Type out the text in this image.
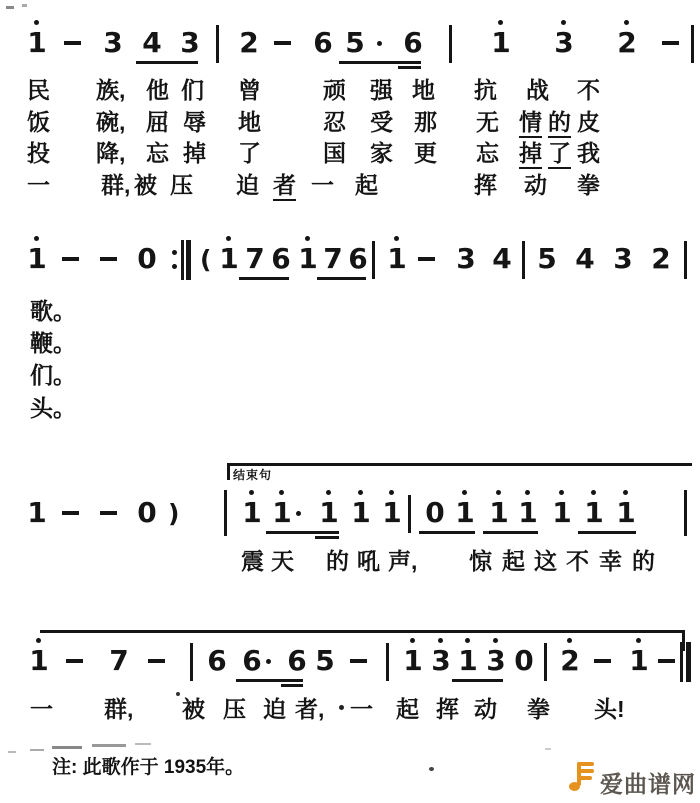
1 3 4 3 2 6 5 6 1 3 2
1	0 ( 1 7 6 1 7 6 1 3 4 5 4 3 2
1	0 ) 1 1 1 1 1 0 1 1 1 1 1 1
1 7	6 6 6 5 1 3 1 3 0 2 1
民 族, 他 们 曾	顽 强 地 抗 战 不
饭 碗, 屈 辱 地	忍 受 那 无 情 的 皮
投 降, 忘 掉 了	国 家 更 忘 掉 了 我
一 群, 被 压 迫 者 一 起	挥 动 拳
歌。
鞭。
们。
头。
震 天 的 吼 声, 惊 起 这 不 幸 的
一 群, 被 压 迫 者, 一 起 挥 动 拳 头!
结束句
注: 此歌作于 1935年。
爱曲谱网
